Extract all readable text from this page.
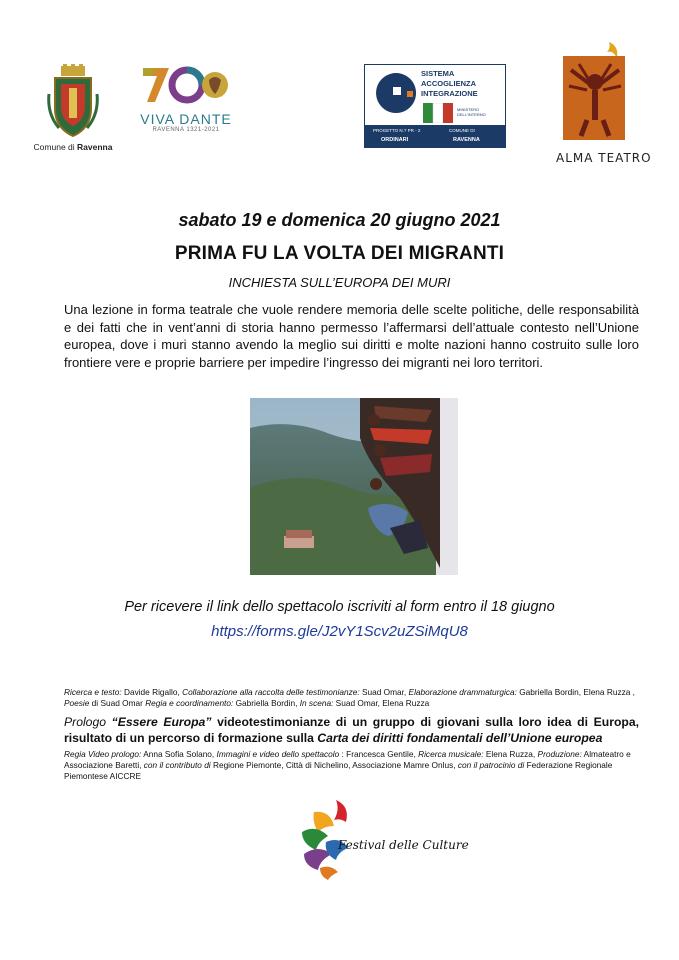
Comune di Ravenna
VIVA DANTE
RAVENNA 1321-2021
SISTEMA
ACCOGLIENZA
INTEGRAZIONE
MINISTERO DELL'INTERNO
PROGETTO N.? PR - 2	COMUNE DI
ORDINARI	RAVENNA
ALMA TEATRO
sabato 19 e domenica 20 giugno 2021
PRIMA FU LA VOLTA DEI MIGRANTI
INCHIESTA SULL’EUROPA DEI MURI
Una lezione in forma teatrale che vuole rendere memoria delle scelte politiche, delle responsabilità e dei fatti che in vent’anni di storia hanno permesso l’affermarsi dell’attuale contesto nell’Unione europea, dove i muri stanno avendo la meglio sui diritti e molte nazioni hanno costruito sulle loro frontiere vere e proprie barriere per impedire l’ingresso dei migranti nei loro territori.
Per ricevere il link dello spettacolo iscriviti al form entro il 18 giugno
https://forms.gle/J2vY1Scv2uZSiMqU8
Ricerca e testo: Davide Rigallo, Collaborazione alla raccolta delle testimonianze: Suad Omar, Elaborazione drammaturgica: Gabriella Bordin, Elena Ruzza , Poesie di Suad Omar Regia e coordinamento: Gabriella Bordin, In scena: Suad Omar, Elena Ruzza
Prologo “Essere Europa” videotestimonianze di un gruppo di giovani sulla loro idea di Europa, risultato di un percorso di formazione sulla Carta dei diritti fondamentali dell’Unione europea
Regia Video prologo: Anna Sofia Solano, Immagini e video dello spettacolo : Francesca Gentile, Ricerca musicale: Elena Ruzza, Produzione: Almateatro e Associazione Baretti, con il contributo di Regione Piemonte, Città di Nichelino, Associazione Mamre Onlus, con il patrocinio di Federazione Regionale Piemontese AICCRE
Festival delle Culture
